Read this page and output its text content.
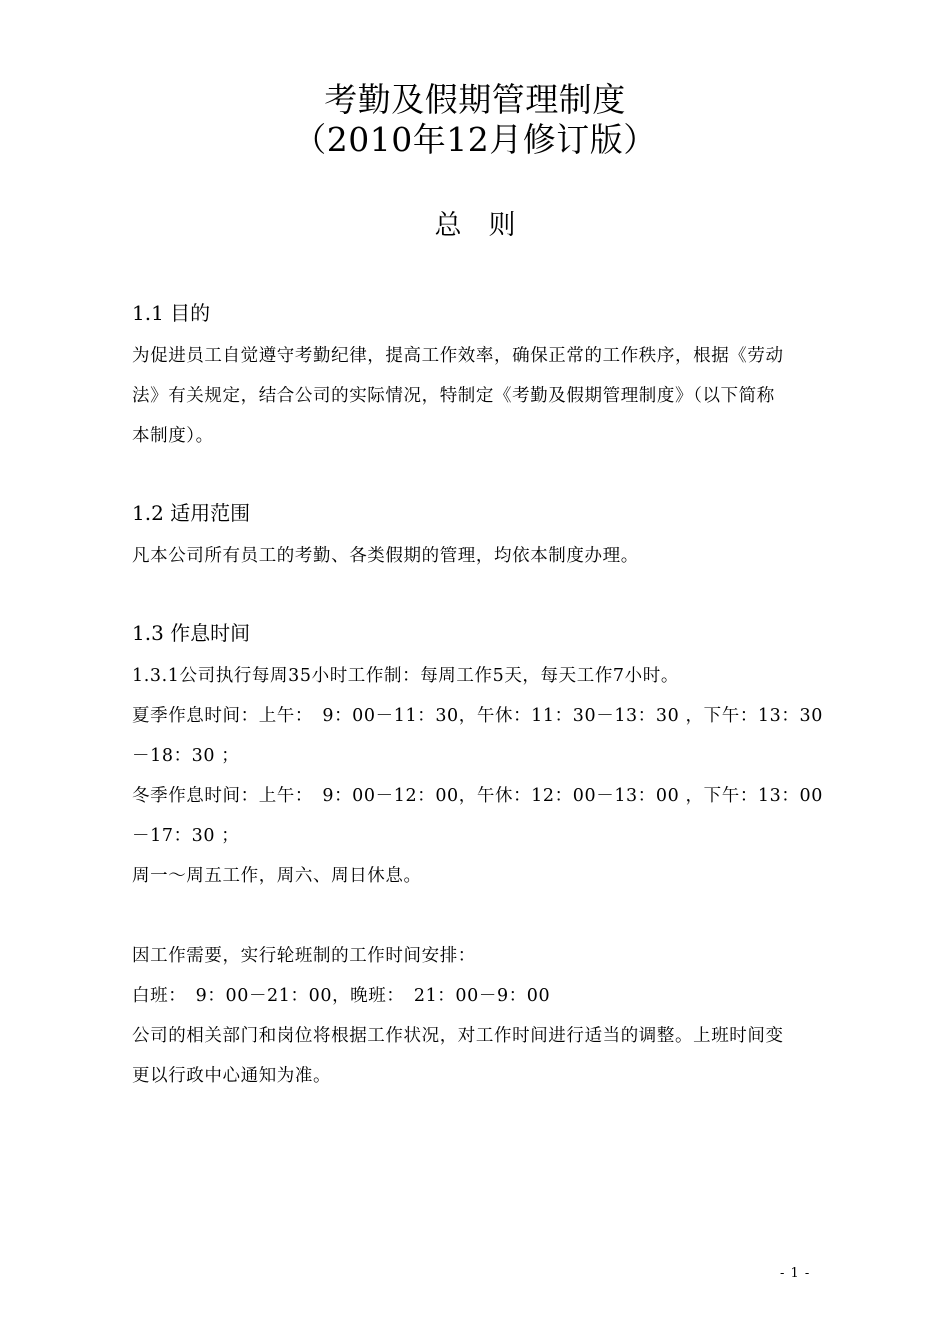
考勤及假期管理制度
（2010年12月修订版）
总　则
1.1 目的
为促进员工自觉遵守考勤纪律，提高工作效率，确保正常的工作秩序，根据《劳动
法》有关规定，结合公司的实际情况，特制定《考勤及假期管理制度》（以下简称
本制度）。
1.2 适用范围
凡本公司所有员工的考勤、各类假期的管理，均依本制度办理。
1.3 作息时间
1.3.1公司执行每周35小时工作制：每周工作5天，每天工作7小时。
夏季作息时间：上午：　9：00－11：30，午休：11：30－13：30 ，下午：13：30
－18：30 ；
冬季作息时间：上午：　9：00－12：00，午休：12：00－13：00 ，下午：13：00
－17：30 ；
周一～周五工作，周六、周日休息。
因工作需要，实行轮班制的工作时间安排：
白班：　9：00－21：00，晚班：　21：00－9：00
公司的相关部门和岗位将根据工作状况，对工作时间进行适当的调整。上班时间变
更以行政中心通知为准。
- 1 -
